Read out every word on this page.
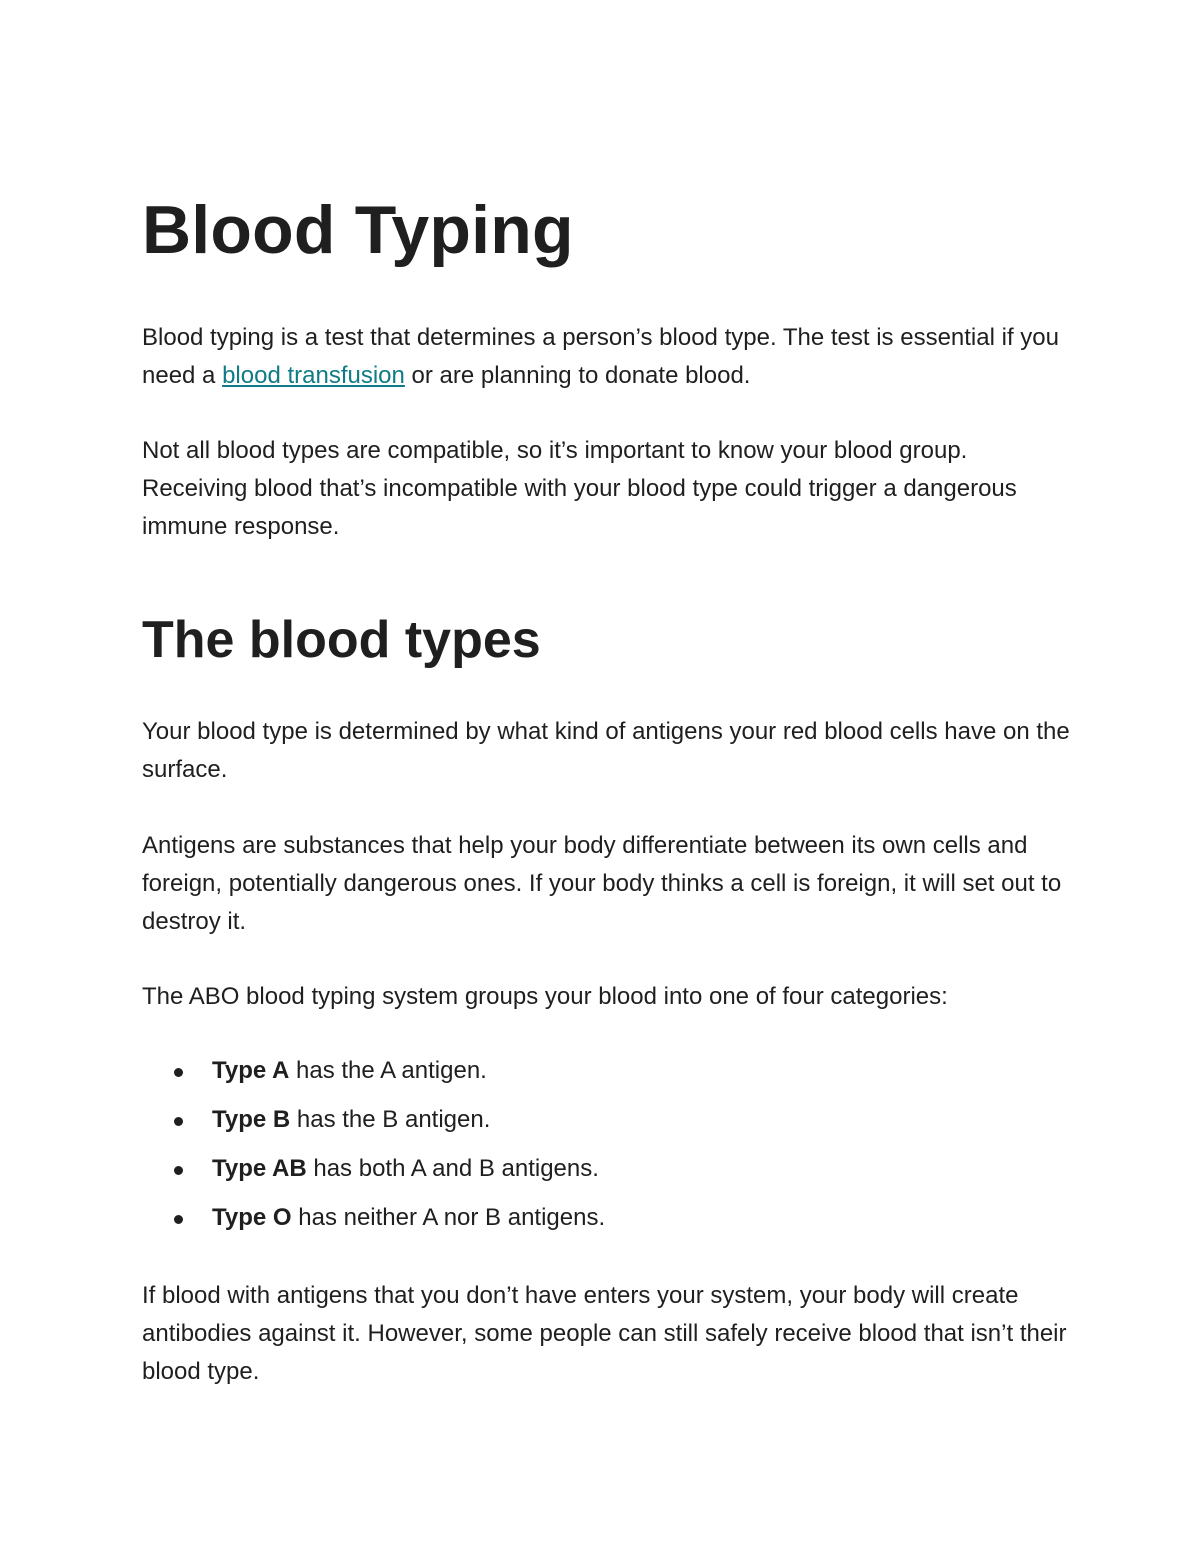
Blood Typing

Blood typing is a test that determines a person’s blood type. The test is essential if you need a blood transfusion or are planning to donate blood.

Not all blood types are compatible, so it’s important to know your blood group. Receiving blood that’s incompatible with your blood type could trigger a dangerous immune response.

The blood types

Your blood type is determined by what kind of antigens your red blood cells have on the surface.

Antigens are substances that help your body differentiate between its own cells and foreign, potentially dangerous ones. If your body thinks a cell is foreign, it will set out to destroy it.

The ABO blood typing system groups your blood into one of four categories:

Type A has the A antigen.
Type B has the B antigen.
Type AB has both A and B antigens.
Type O has neither A nor B antigens.

If blood with antigens that you don’t have enters your system, your body will create antibodies against it. However, some people can still safely receive blood that isn’t their blood type.
